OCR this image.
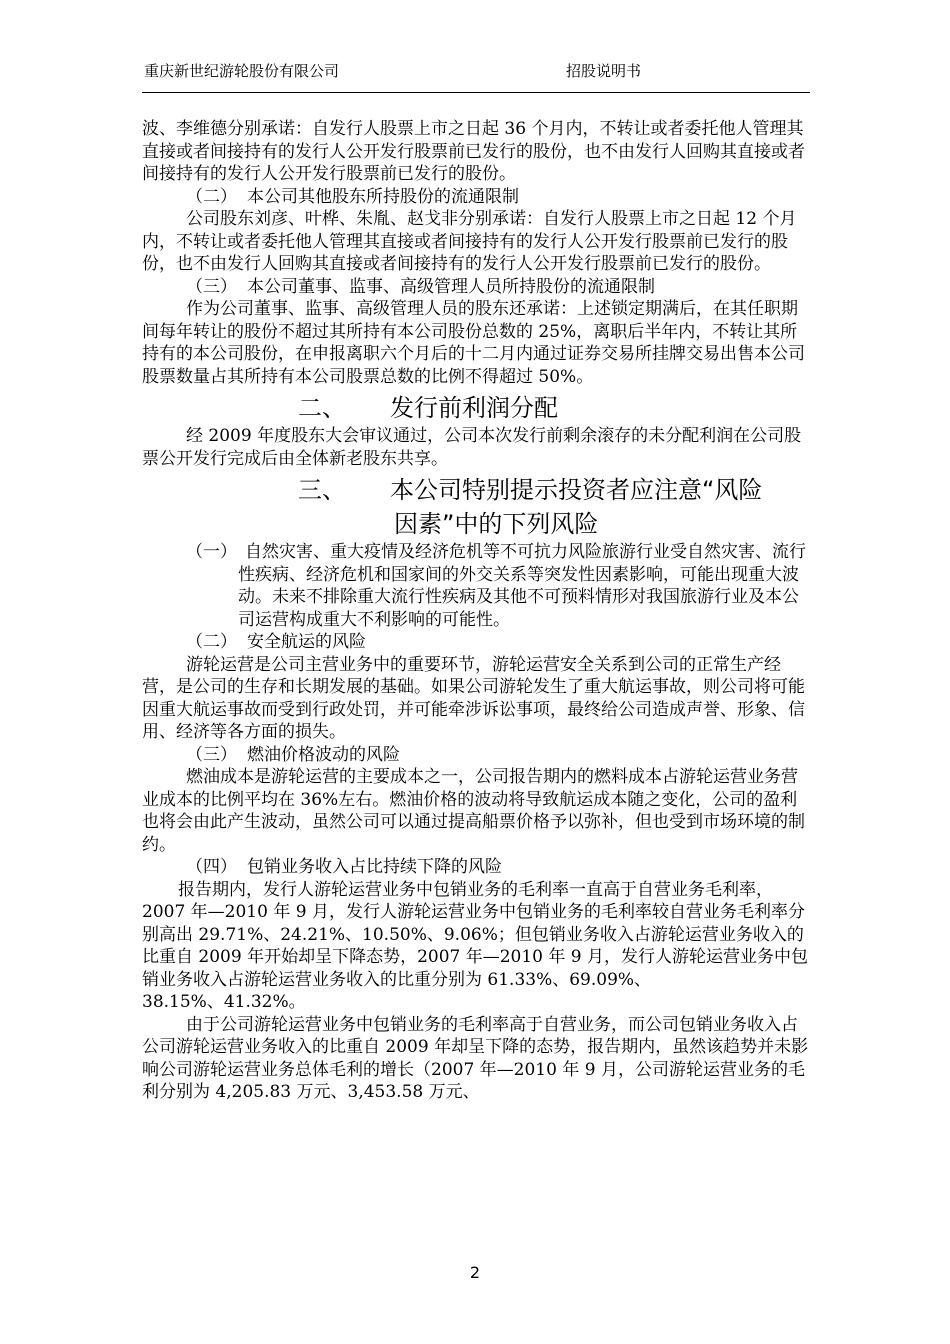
重庆新世纪游轮股份有限公司	招股说明书

波、李维德分别承诺：自发行人股票上市之日起 36 个月内，不转让或者委托他人管理其直接或者间接持有的发行人公开发行股票前已发行的股份，也不由发行人回购其直接或者间接持有的发行人公开发行股票前已发行的股份。

（二） 本公司其他股东所持股份的流通限制

公司股东刘彦、叶桦、朱胤、赵戈非分别承诺：自发行人股票上市之日起 12 个月内，不转让或者委托他人管理其直接或者间接持有的发行人公开发行股票前已发行的股份，也不由发行人回购其直接或者间接持有的发行人公开发行股票前已发行的股份。

（三） 本公司董事、监事、高级管理人员所持股份的流通限制

作为公司董事、监事、高级管理人员的股东还承诺：上述锁定期满后，在其任职期间每年转让的股份不超过其所持有本公司股份总数的 25%，离职后半年内，不转让其所持有的本公司股份，在申报离职六个月后的十二月内通过证券交易所挂牌交易出售本公司股票数量占其所持有本公司股票总数的比例不得超过 50%。

二、 发行前利润分配

经 2009 年度股东大会审议通过，公司本次发行前剩余滚存的未分配利润在公司股票公开发行完成后由全体新老股东共享。

三、 本公司特别提示投资者应注意“风险
因素”中的下列风险

（一） 自然灾害、重大疫情及经济危机等不可抗力风险旅游行业受自然灾害、流行性疾病、经济危机和国家间的外交关系等突发性因素影响，可能出现重大波动。未来不排除重大流行性疾病及其他不可预料情形对我国旅游行业及本公司运营构成重大不利影响的可能性。

（二） 安全航运的风险

游轮运营是公司主营业务中的重要环节，游轮运营安全关系到公司的正常生产经营，是公司的生存和长期发展的基础。如果公司游轮发生了重大航运事故，则公司将可能因重大航运事故而受到行政处罚，并可能牵涉诉讼事项，最终给公司造成声誉、形象、信用、经济等各方面的损失。

（三） 燃油价格波动的风险

燃油成本是游轮运营的主要成本之一，公司报告期内的燃料成本占游轮运营业务营业成本的比例平均在 36%左右。燃油价格的波动将导致航运成本随之变化，公司的盈利也将会由此产生波动，虽然公司可以通过提高船票价格予以弥补，但也受到市场环境的制约。

（四） 包销业务收入占比持续下降的风险

报告期内，发行人游轮运营业务中包销业务的毛利率一直高于自营业务毛利率，

2007 年—2010 年 9 月，发行人游轮运营业务中包销业务的毛利率较自营业务毛利率分别高出 29.71%、24.21%、10.50%、9.06%；但包销业务收入占游轮运营业务收入的比重自 2009 年开始却呈下降态势，2007 年—2010 年 9 月，发行人游轮运营业务中包销业务收入占游轮运营业务收入的比重分别为 61.33%、69.09%、

38.15%、41.32%。

由于公司游轮运营业务中包销业务的毛利率高于自营业务，而公司包销业务收入占公司游轮运营业务收入的比重自 2009 年却呈下降的态势，报告期内，虽然该趋势并未影响公司游轮运营业务总体毛利的增长（2007 年—2010 年 9 月，公司游轮运营业务的毛利分别为 4,205.83 万元、3,453.58 万元、

2
